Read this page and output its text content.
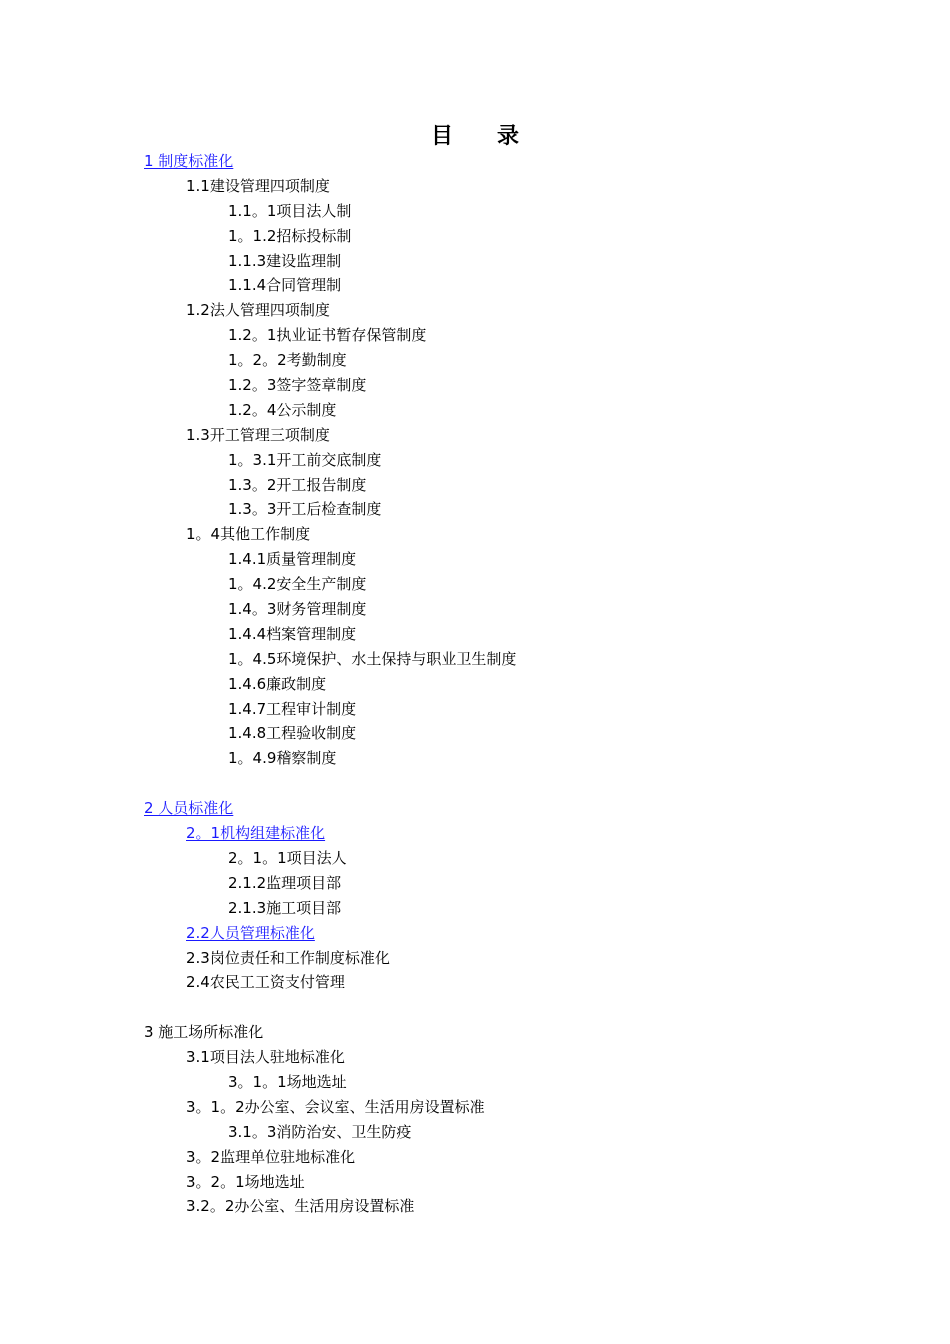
目　　录
1 制度标准化
1.1建设管理四项制度
1.1。1项目法人制
1。1.2招标投标制
1.1.3建设监理制
1.1.4合同管理制
1.2法人管理四项制度
1.2。1执业证书暂存保管制度
1。2。2考勤制度
1.2。3签字签章制度
1.2。4公示制度
1.3开工管理三项制度
1。3.1开工前交底制度
1.3。2开工报告制度
1.3。3开工后检查制度
1。4其他工作制度
1.4.1质量管理制度
1。4.2安全生产制度
1.4。3财务管理制度
1.4.4档案管理制度
1。4.5环境保护、水土保持与职业卫生制度
1.4.6廉政制度
1.4.7工程审计制度
1.4.8工程验收制度
1。4.9稽察制度
2 人员标准化
2。1机构组建标准化
2。1。1项目法人
2.1.2监理项目部
2.1.3施工项目部
2.2人员管理标准化
2.3岗位责任和工作制度标准化
2.4农民工工资支付管理
3 施工场所标准化
3.1项目法人驻地标准化
3。1。1场地选址
3。1。2办公室、会议室、生活用房设置标准
3.1。3消防治安、卫生防疫
3。2监理单位驻地标准化
3。2。1场地选址
3.2。2办公室、生活用房设置标准
